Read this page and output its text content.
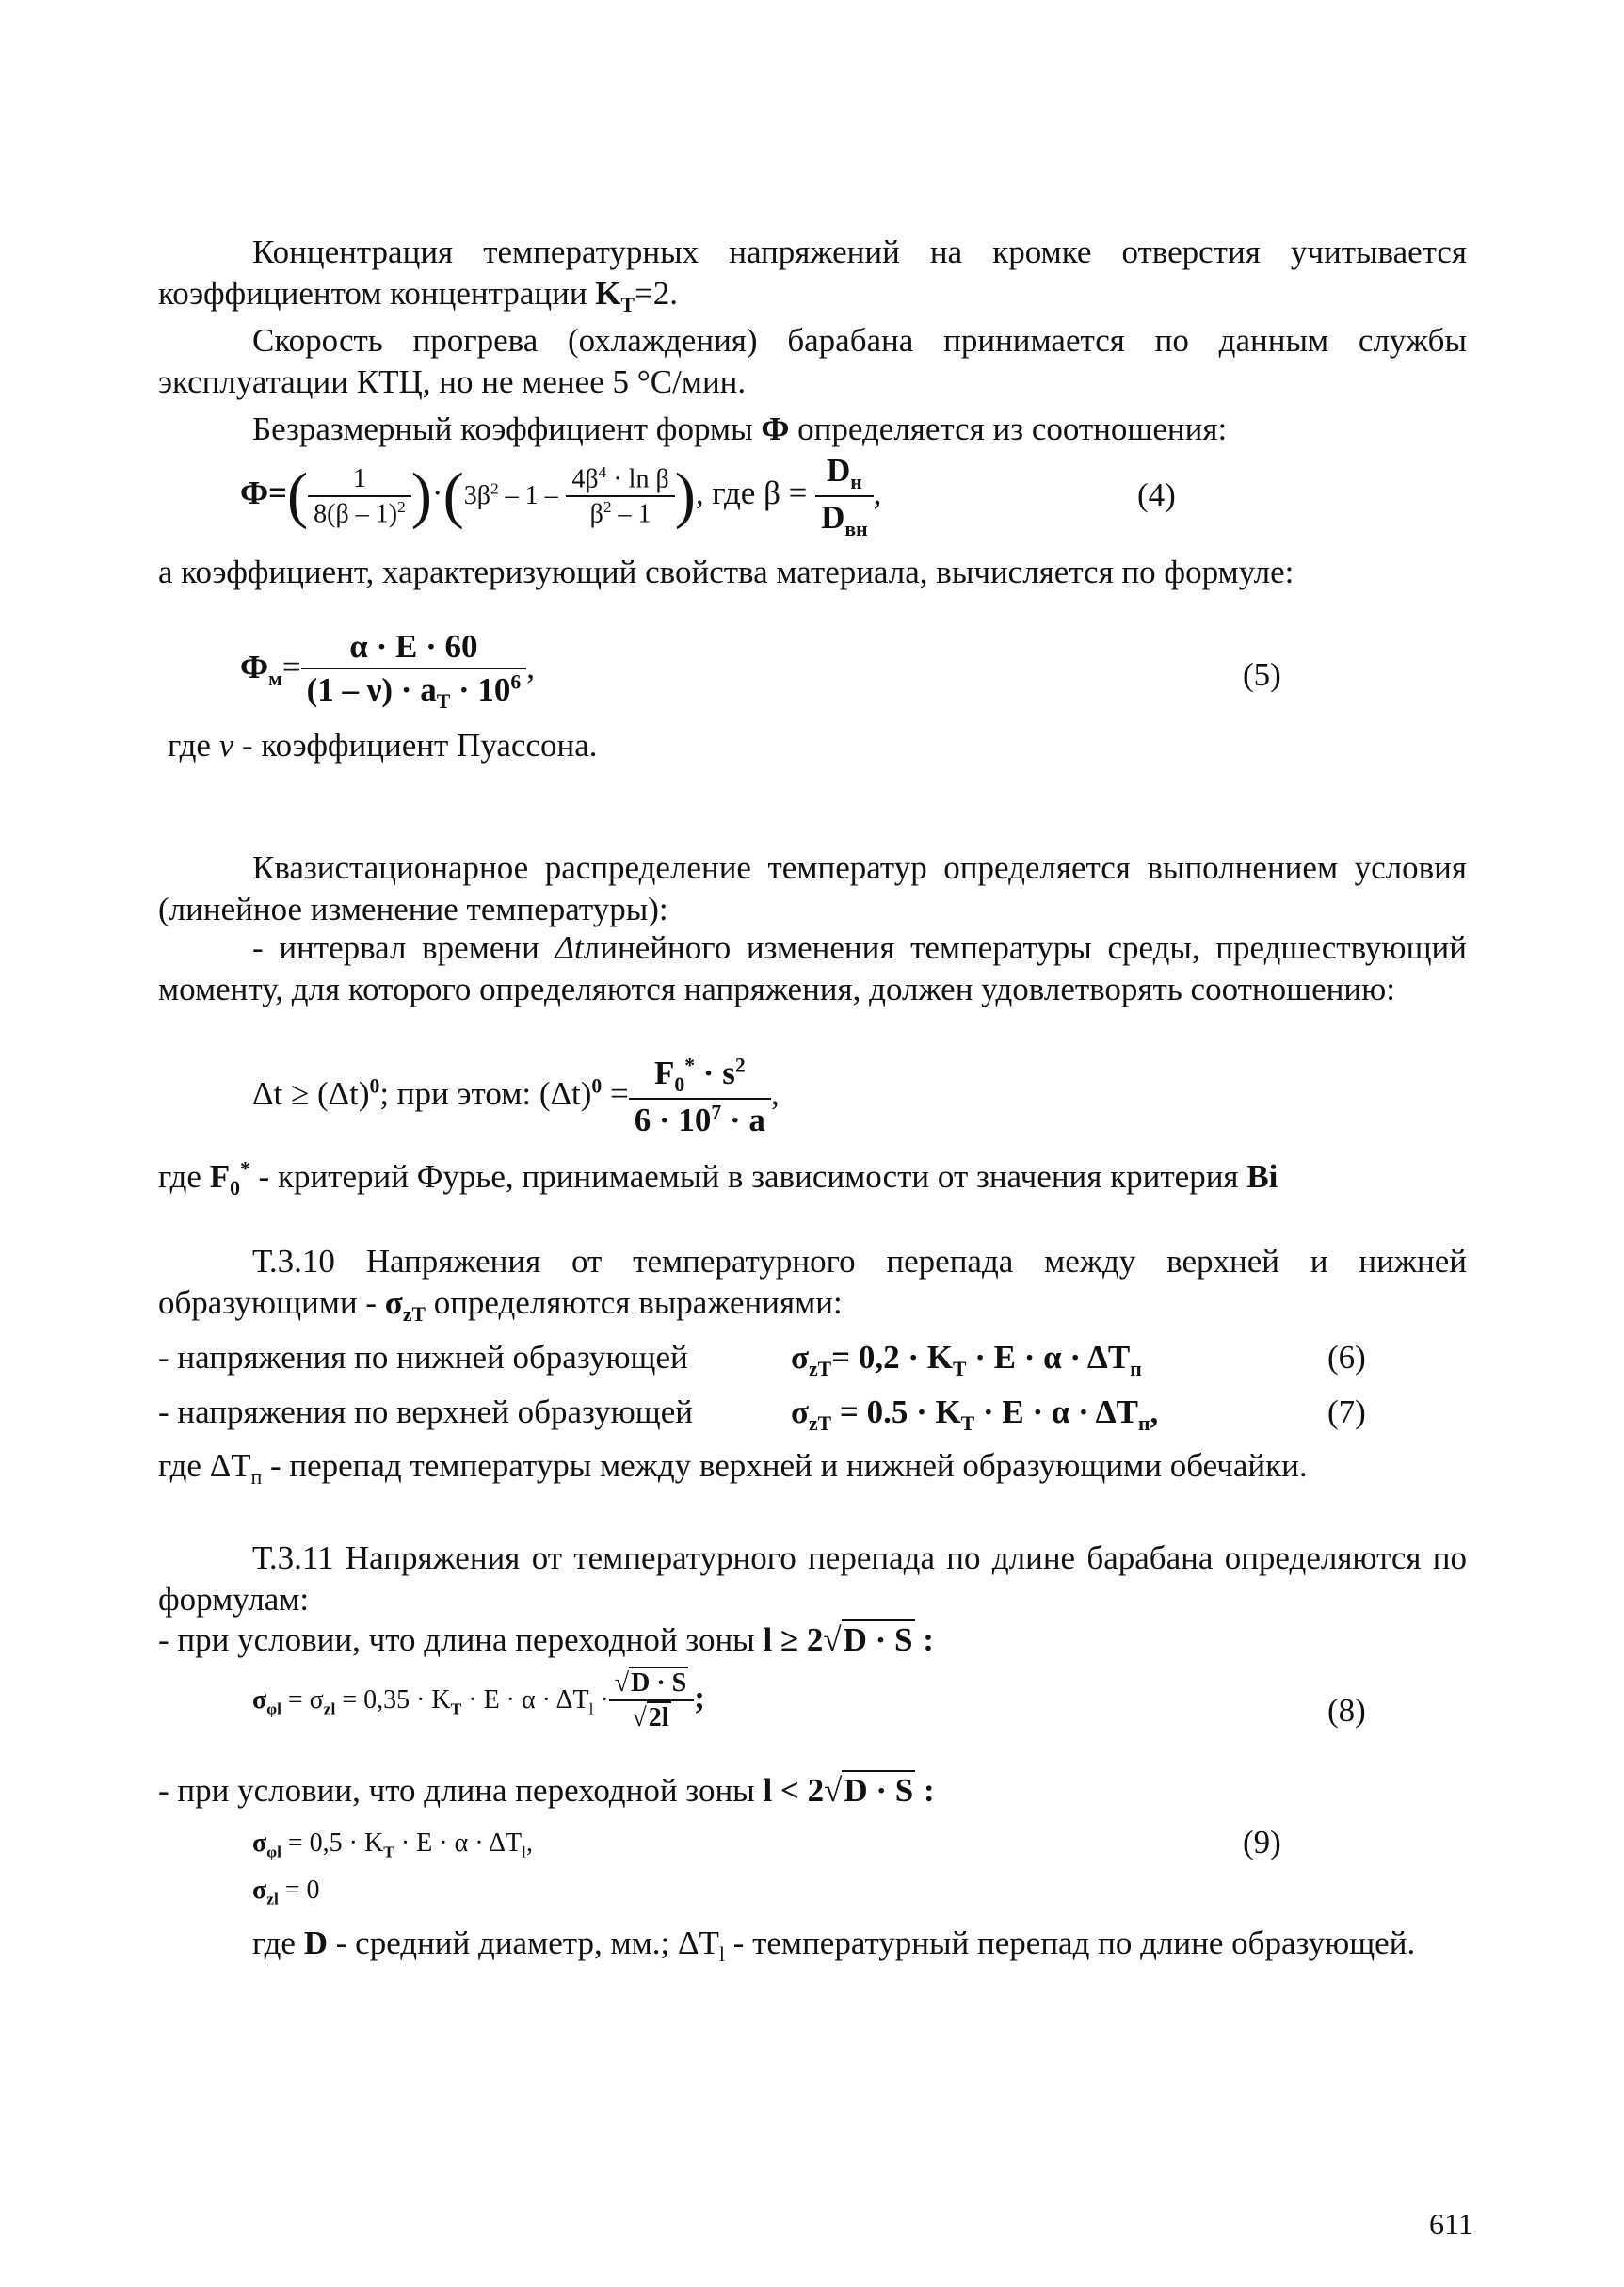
Концентрация температурных напряжений на кромке отверстия учитывается коэффициентом концентрации $K_T=2$.

Скорость прогрева (охлаждения) барабана принимается по данным службы эксплуатации КТЦ, но не менее 5 °С/мин.

Безразмерный коэффициент формы Ф определяется из соотношения:

$Ф=( \frac{1}{8(\beta - 1)^2} )\cdot(3\beta^2 - 1 - \frac{4\beta^4 \cdot \ln \beta}{\beta^2 - 1}$ ), где $\beta = \frac{D_н}{D_{вн}}$ ,	(4)

а коэффициент, характеризующий свойства материала, вычисляется по формуле:

$Ф_м= \frac{\alpha \cdot E \cdot 60}{(1 - \nu) \cdot a_T \cdot 10^6}$ ,	(5)

где ν - коэффициент Пуассона.

Квазистационарное распределение температур определяется выполнением условия (линейное изменение температуры):

- интервал времени Δtлинейного изменения температуры среды, предшествующий моменту, для которого определяются напряжения, должен удовлетворять соотношению:

$\Delta t \ge (\Delta t)^0$; при этом: $(\Delta t)^0 = \frac{F_0^* \cdot s^2}{6 \cdot 10^7 \cdot a}$ ,

где $F_0^*$ - критерий Фурье, принимаемый в зависимости от значения критерия Bi

Т.3.10 Напряжения от температурного перепада между верхней и нижней образующими - $\sigma_{zT}$ определяются выражениями:

- напряжения по нижней образующей	$\sigma_{zT}= 0,2 \cdot K_T \cdot E \cdot \alpha \cdot \Delta T_п$	(6)
- напряжения по верхней образующей	$\sigma_{zT} = 0.5 \cdot K_T \cdot E \cdot \alpha \cdot \Delta T_п$,	(7)
где $\Delta T_п$ - перепад температуры между верхней и нижней образующими обечайки.

Т.3.11 Напряжения от температурного перепада по длине барабана определяются по формулам:

- при условии, что длина переходной зоны l ≥ 2√D · S :
$\sigma_{\varphi l} = \sigma_{zl} = 0,35 \cdot K_T \cdot E \cdot \alpha \cdot \Delta T_l \cdot \frac{√D \cdot S}{√2l}$ ;	(8)
- при условии, что длина переходной зоны l < 2√D · S :
$\sigma_{\varphi l} = 0,5 \cdot K_T \cdot E \cdot \alpha \cdot \Delta T_l$,	(9)
$\sigma_{zl} = 0$

где D - средний диаметр, мм.; $\Delta T_l$ - температурный перепад по длине образующей.

611
